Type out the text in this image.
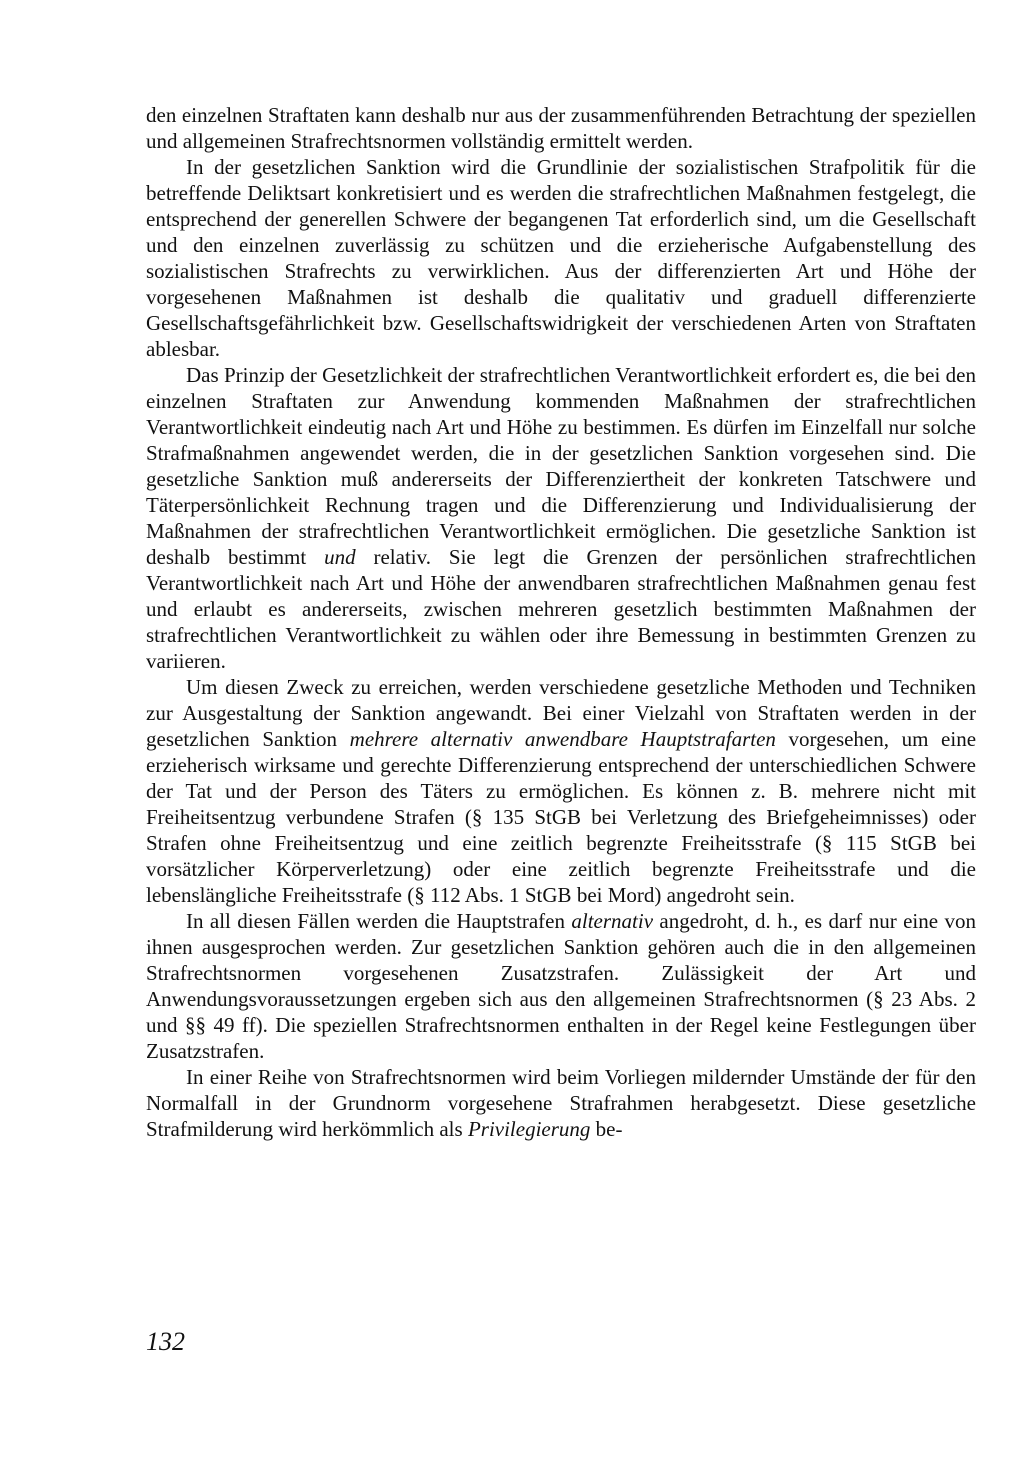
den einzelnen Straftaten kann deshalb nur aus der zusammenführenden Betrachtung der speziellen und allgemeinen Strafrechtsnormen vollständig ermittelt werden.

In der gesetzlichen Sanktion wird die Grundlinie der sozialistischen Strafpolitik für die betreffende Deliktsart konkretisiert und es werden die strafrechtlichen Maßnahmen festgelegt, die entsprechend der generellen Schwere der begangenen Tat erforderlich sind, um die Gesellschaft und den einzelnen zuverlässig zu schützen und die erzieherische Aufgabenstellung des sozialistischen Strafrechts zu verwirklichen. Aus der differenzierten Art und Höhe der vorgesehenen Maßnahmen ist deshalb die qualitativ und graduell differenzierte Gesellschaftsgefährlichkeit bzw. Gesellschaftswidrigkeit der verschiedenen Arten von Straftaten ablesbar.

Das Prinzip der Gesetzlichkeit der strafrechtlichen Verantwortlichkeit erfordert es, die bei den einzelnen Straftaten zur Anwendung kommenden Maßnahmen der strafrechtlichen Verantwortlichkeit eindeutig nach Art und Höhe zu bestimmen. Es dürfen im Einzelfall nur solche Strafmaßnahmen angewendet werden, die in der gesetzlichen Sanktion vorgesehen sind. Die gesetzliche Sanktion muß andererseits der Differenziertheit der konkreten Tatschwere und Täterpersönlichkeit Rechnung tragen und die Differenzierung und Individualisierung der Maßnahmen der strafrechtlichen Verantwortlichkeit ermöglichen. Die gesetzliche Sanktion ist deshalb bestimmt und relativ. Sie legt die Grenzen der persönlichen strafrechtlichen Verantwortlichkeit nach Art und Höhe der anwendbaren strafrechtlichen Maßnahmen genau fest und erlaubt es andererseits, zwischen mehreren gesetzlich bestimmten Maßnahmen der strafrechtlichen Verantwortlichkeit zu wählen oder ihre Bemessung in bestimmten Grenzen zu variieren.

Um diesen Zweck zu erreichen, werden verschiedene gesetzliche Methoden und Techniken zur Ausgestaltung der Sanktion angewandt. Bei einer Vielzahl von Straftaten werden in der gesetzlichen Sanktion mehrere alternativ anwendbare Hauptstrafarten vorgesehen, um eine erzieherisch wirksame und gerechte Differenzierung entsprechend der unterschiedlichen Schwere der Tat und der Person des Täters zu ermöglichen. Es können z. B. mehrere nicht mit Freiheitsentzug verbundene Strafen (§ 135 StGB bei Verletzung des Briefgeheimnisses) oder Strafen ohne Freiheitsentzug und eine zeitlich begrenzte Freiheitsstrafe (§ 115 StGB bei vorsätzlicher Körperverletzung) oder eine zeitlich begrenzte Freiheitsstrafe und die lebenslängliche Freiheitsstrafe (§ 112 Abs. 1 StGB bei Mord) angedroht sein.

In all diesen Fällen werden die Hauptstrafen alternativ angedroht, d. h., es darf nur eine von ihnen ausgesprochen werden. Zur gesetzlichen Sanktion gehören auch die in den allgemeinen Strafrechtsnormen vorgesehenen Zusatzstrafen. Zulässigkeit der Art und Anwendungsvoraussetzungen ergeben sich aus den allgemeinen Strafrechtsnormen (§ 23 Abs. 2 und §§ 49 ff). Die speziellen Strafrechtsnormen enthalten in der Regel keine Festlegungen über Zusatzstrafen.

In einer Reihe von Strafrechtsnormen wird beim Vorliegen mildernder Umstände der für den Normalfall in der Grundnorm vorgesehene Strafrahmen herabgesetzt. Diese gesetzliche Strafmilderung wird herkömmlich als Privilegierung be-

132
